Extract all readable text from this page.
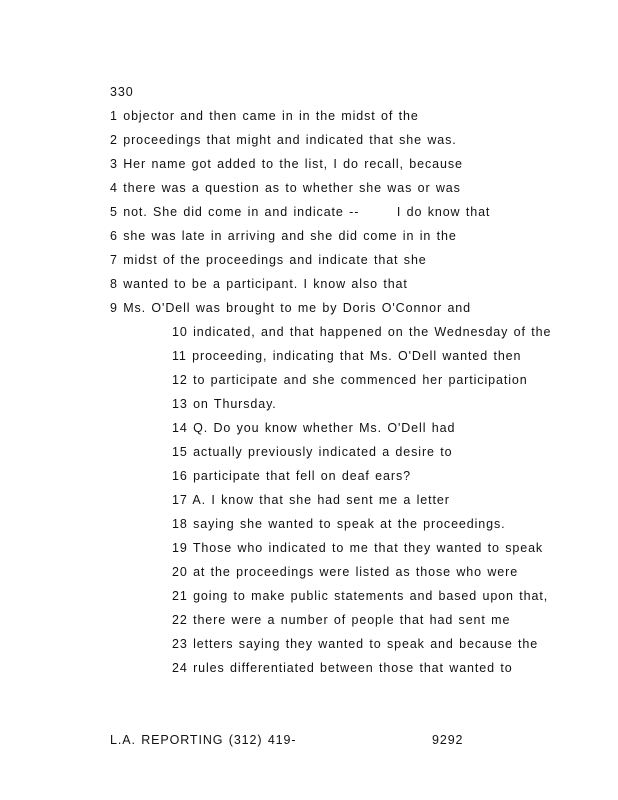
330
1 objector and then came in in the midst of the
2 proceedings that might and indicated that she was.
3 Her name got added to the list, I do recall, because
4 there was a question as to whether she was or was
5 not. She did come in and indicate --       I do know that
6 she was late in arriving and she did come in in the
7 midst of the proceedings and indicate that she
8 wanted to be a participant. I know also that
9 Ms. O'Dell was brought to me by Doris O'Connor and
10 indicated, and that happened on the Wednesday of the
11 proceeding, indicating that Ms. O'Dell wanted then
12 to participate and she commenced her participation
13 on Thursday.
14 Q. Do you know whether Ms. O'Dell had
15 actually previously indicated a desire to
16 participate that fell on deaf ears?
17 A. I know that she had sent me a letter
18 saying she wanted to speak at the proceedings.
19 Those who indicated to me that they wanted to speak
20 at the proceedings were listed as those who were
21 going to make public statements and based upon that,
22 there were a number of people that had sent me
23 letters saying they wanted to speak and because the
24 rules differentiated between those that wanted to
L.A. REPORTING (312) 419-	9292
